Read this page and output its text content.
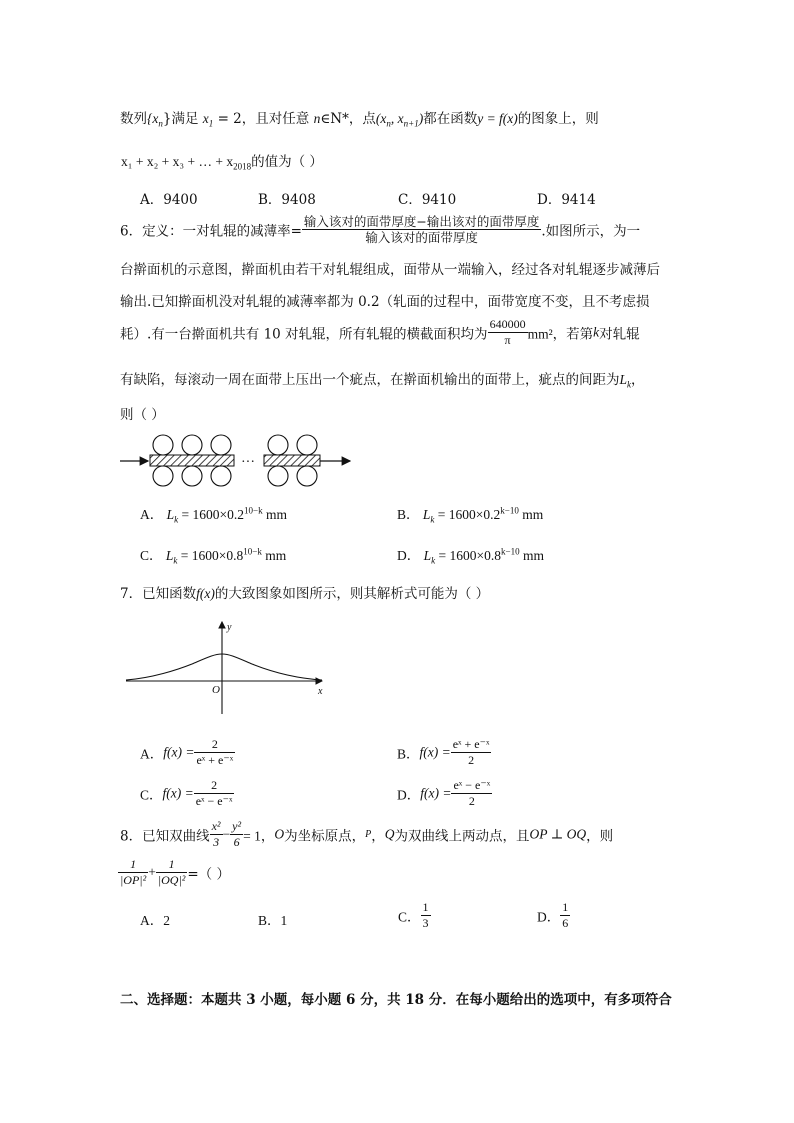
数列$\{x_n\}$满足 $x_1 = 2$，且对任意 n∈N*，点($x_n$, $x_{n+1}$)都在函数y = f(x)的图象上，则
x₁ + x₂ + x₃ + … + $x_{2018}$的值为（ ）
A．9400	B．9408	C．9410	D．9414
6．定义：一对轧辊的减薄率= $\frac{\text{输入该对的面带厚度−输出该对的面带厚度}}{\text{输入该对的面带厚度}}$ .如图所示，为一
台擀面机的示意图，擀面机由若干对轧辊组成，面带从一端输入，经过各对轧辊逐步减薄后
输出.已知擀面机没对轧辊的减薄率都为 0.2（轧面的过程中，面带宽度不变，且不考虑损
耗）.有一台擀面机共有 10 对轧辊，所有轧辊的横截面积均为 $\frac{640000}{\pi} mm^2$，若第k对轧辊
有缺陷，每滚动一周在面带上压出一个疵点，在擀面机输出的面带上，疵点的间距为$L_k$，
则（ ）
···
A． $L_k = 1600\times 0.2^{10-k}$ mm	B． $L_k = 1600\times 0.2^{k-10}$ mm
C． $L_k = 1600\times 0.8^{10-k}$ mm	D． $L_k = 1600\times 0.8^{k-10}$ mm
7．已知函数f(x)的大致图象如图所示，则其解析式可能为（ ）
y
x
O
A．$f(x) = \frac{2}{\text{eˣ + e⁻ˣ}}$	B．$f(x) = \frac{\text{eˣ + e⁻ˣ}}{2}$
C．$f(x) = \frac{2}{\text{eˣ − e⁻ˣ}}$	D．$f(x) = \frac{\text{eˣ − e⁻ˣ}}{2}$
8．已知双曲线 $\frac{\text{x²}}{3} - \frac{\text{y²}}{6} = 1$，O为坐标原点，P，Q为双曲线上两动点，且OP ⊥ OQ，则
$\frac{1}{\text{|OP|²}} + \frac{1}{\text{|OQ|²}}$ =（ ）
A．2	B．1	C． $\frac{1}{3}$	D． $\frac{1}{6}$
二、选择题：本题共 3 小题，每小题 6 分，共 18 分．在每小题给出的选项中，有多项符合
